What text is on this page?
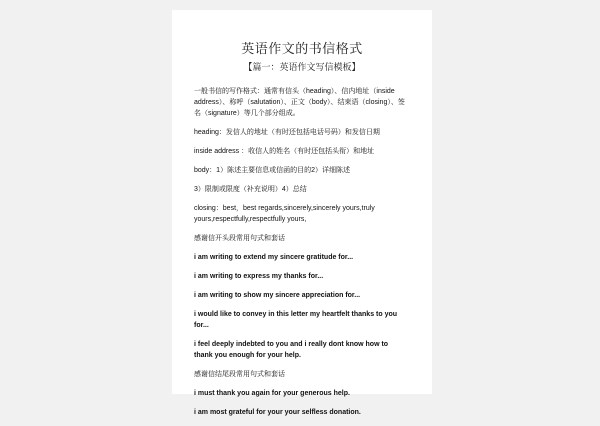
英语作文的书信格式
【篇一：英语作文写信模板】

一般书信的写作格式：通常有信头（heading）、信内地址（inside address）、称呼（salutation）、正文（body）、结束语（closing）、签名（signature）等几个部分组成。

heading：发信人的地址（有时还包括电话号码）和发信日期

inside address ：收信人的姓名（有时还包括头衔）和地址

body：1）陈述主要信息或信函的目的2）详细陈述

3）限制或限度（补充说明）4）总结

closing：best，best regards,sincerely,sincerely yours,truly yours,respectfully,respectfully yours,

感谢信开头段常用句式和套话

i am writing to extend my sincere gratitude for...

i am writing to express my thanks for...

i am writing to show my sincere appreciation for...

i would like to convey in this letter my heartfelt thanks to you for...

i feel deeply indebted to you and i really dont know how to thank you enough for your help.

感谢信结尾段常用句式和套话

i must thank you again for your generous help.

i am most grateful for your your selfless donation.
